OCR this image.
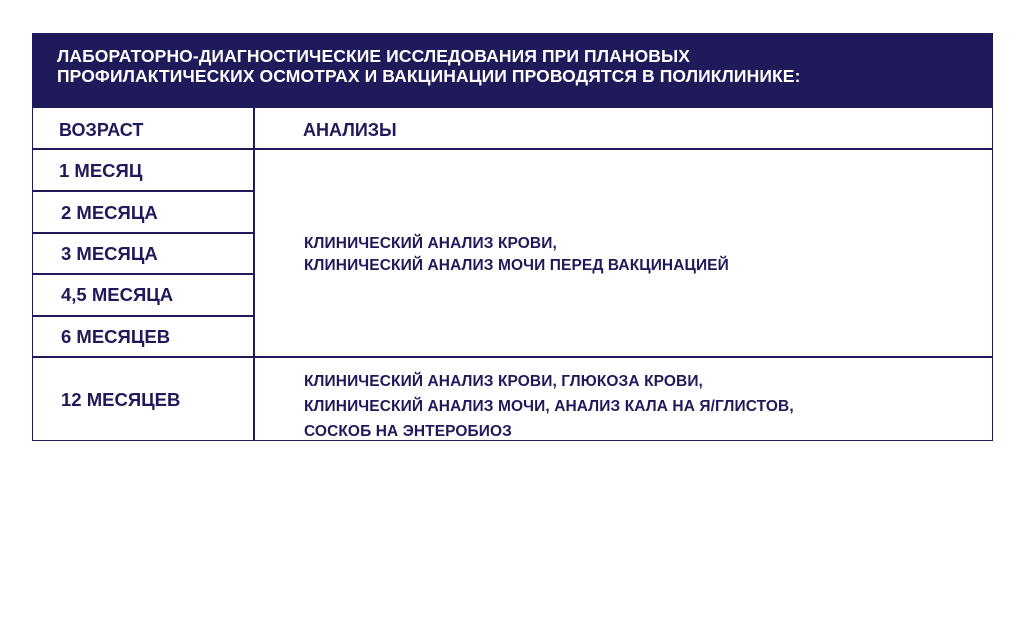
ЛАБОРАТОРНО-ДИАГНОСТИЧЕСКИЕ ИССЛЕДОВАНИЯ ПРИ ПЛАНОВЫХ
ПРОФИЛАКТИЧЕСКИХ ОСМОТРАХ И ВАКЦИНАЦИИ ПРОВОДЯТСЯ В ПОЛИКЛИНИКЕ:
ВОЗРАСТ	АНАЛИЗЫ
1 МЕСЯЦ
2 МЕСЯЦА
3 МЕСЯЦА
4,5 МЕСЯЦА
6 МЕСЯЦЕВ
12 МЕСЯЦЕВ
КЛИНИЧЕСКИЙ АНАЛИЗ КРОВИ,
КЛИНИЧЕСКИЙ АНАЛИЗ МОЧИ ПЕРЕД ВАКЦИНАЦИЕЙ
КЛИНИЧЕСКИЙ АНАЛИЗ КРОВИ, ГЛЮКОЗА КРОВИ,
КЛИНИЧЕСКИЙ АНАЛИЗ МОЧИ, АНАЛИЗ КАЛА НА Я/ГЛИСТОВ,
СОСКОБ НА ЭНТЕРОБИОЗ
